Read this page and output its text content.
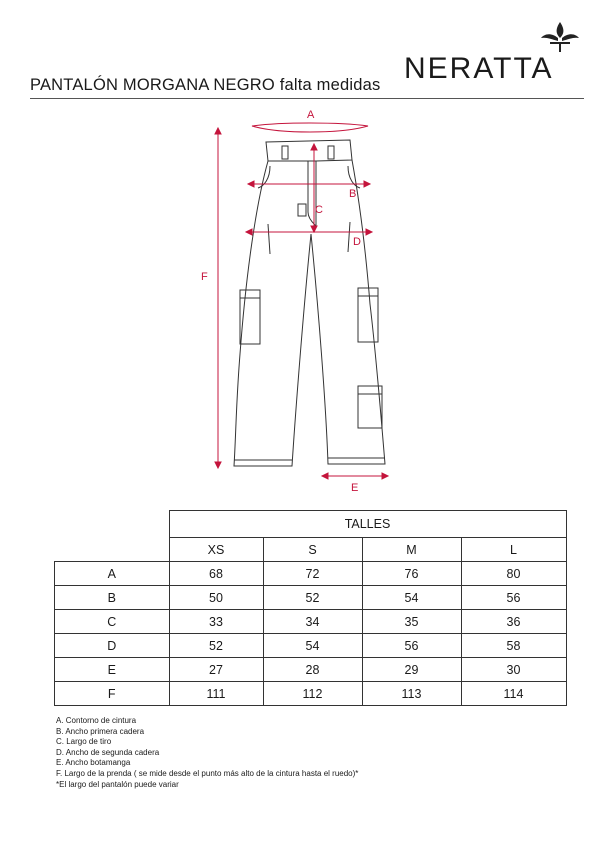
PANTALÓN MORGANA NEGRO falta medidas NERATTA
A
B
C
D
E
F
	TALLES			
	XS	S	M	L
A	68	72	76	80
B	50	52	54	56
C	33	34	35	36
D	52	54	56	58
E	27	28	29	30
F	111	112	113	114
A. Contorno de cintura
B. Ancho primera cadera
C. Largo de tiro
D. Ancho de segunda cadera
E. Ancho botamanga
F. Largo de la prenda ( se mide desde el punto más alto de la cintura hasta el ruedo)*
*El largo del pantalón puede variar
